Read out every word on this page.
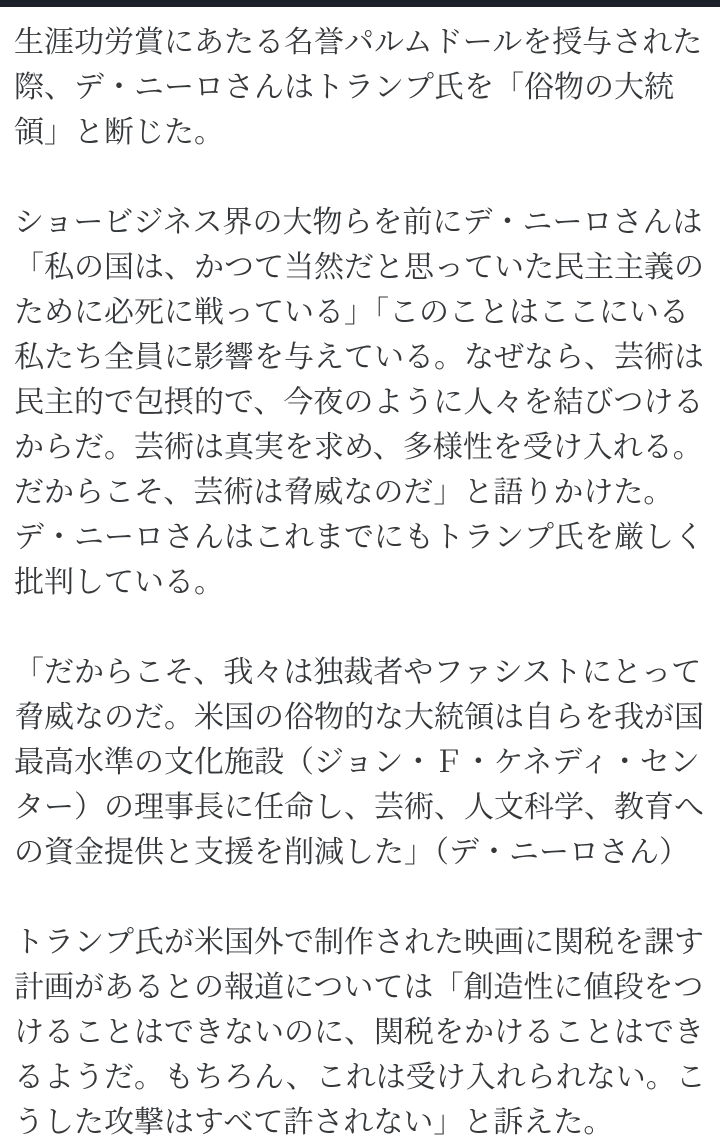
生涯功労賞にあたる名誉パルムドールを授与された際、デ・ニーロさんはトランプ氏を「俗物の大統領」と断じた。

ショービジネス界の大物らを前にデ・ニーロさんは「私の国は、かつて当然だと思っていた民主主義のために必死に戦っている」「このことはここにいる私たち全員に影響を与えている。なぜなら、芸術は民主的で包摂的で、今夜のように人々を結びつけるからだ。芸術は真実を求め、多様性を受け入れる。だからこそ、芸術は脅威なのだ」と語りかけた。

デ・ニーロさんはこれまでにもトランプ氏を厳しく批判している。

「だからこそ、我々は独裁者やファシストにとって脅威なのだ。米国の俗物的な大統領は自らを我が国最高水準の文化施設（ジョン・Ｆ・ケネディ・センター）の理事長に任命し、芸術、人文科学、教育への資金提供と支援を削減した」（デ・ニーロさん）

トランプ氏が米国外で制作された映画に関税を課す計画があるとの報道については「創造性に値段をつけることはできないのに、関税をかけることはできるようだ。もちろん、これは受け入れられない。こうした攻撃はすべて許されない」と訴えた。
